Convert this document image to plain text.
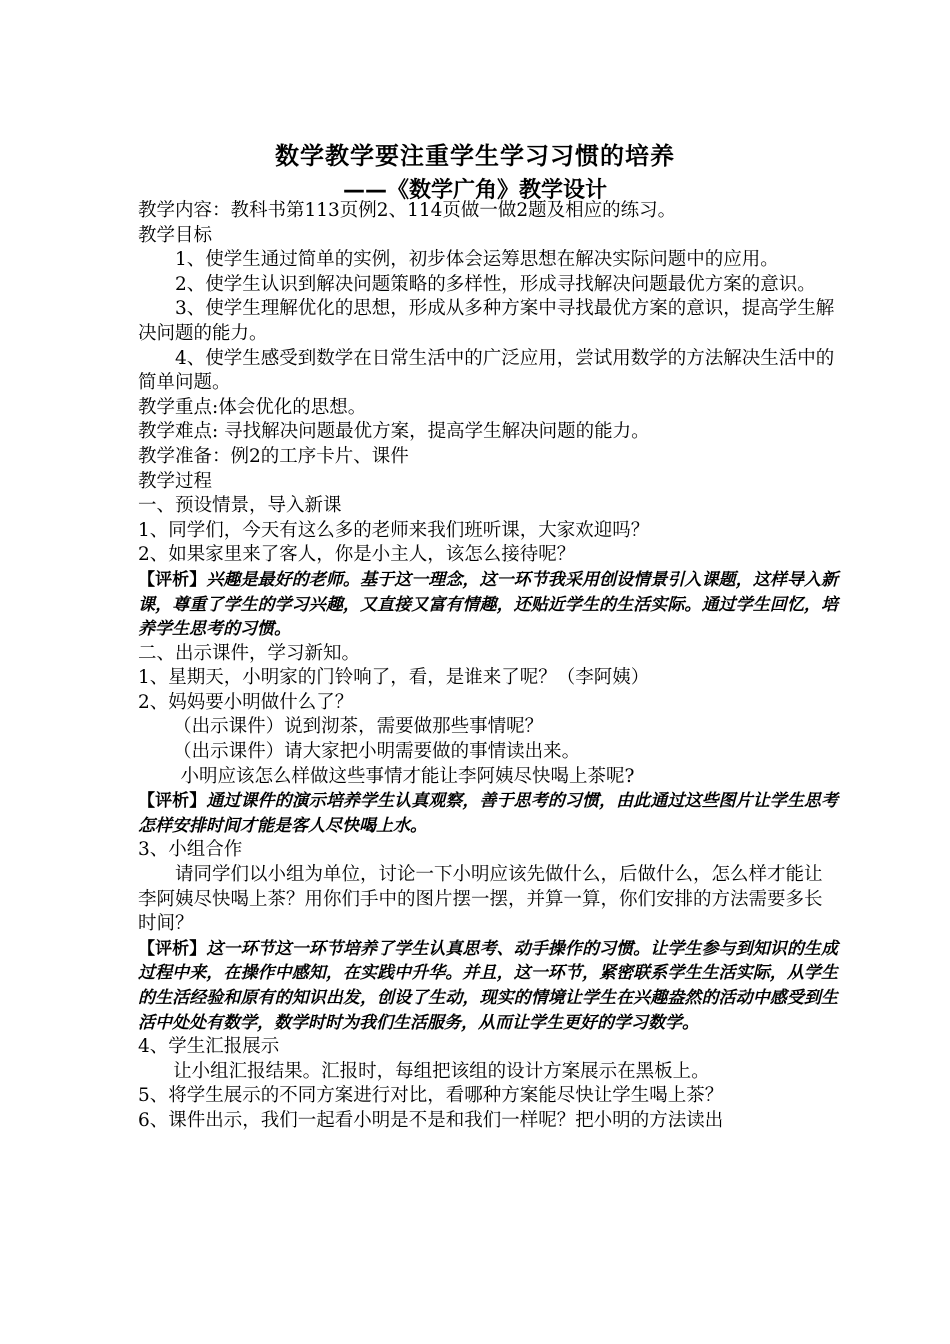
数学教学要注重学生学习习惯的培养
——《数学广角》教学设计

教学内容：教科书第113页例2、114页做一做2题及相应的练习。

教学目标

1、使学生通过简单的实例，初步体会运筹思想在解决实际问题中的应用。

2、使学生认识到解决问题策略的多样性，形成寻找解决问题最优方案的意识。

3、使学生理解优化的思想，形成从多种方案中寻找最优方案的意识，提高学生解决问题的能力。

4、使学生感受到数学在日常生活中的广泛应用，尝试用数学的方法解决生活中的简单问题。

教学重点:体会优化的思想。

教学难点: 寻找解决问题最优方案，提高学生解决问题的能力。

教学准备：例2的工序卡片、课件

教学过程

一、预设情景，导入新课

1、同学们，今天有这么多的老师来我们班听课，大家欢迎吗？

2、如果家里来了客人，你是小主人，该怎么接待呢？

【评析】兴趣是最好的老师。基于这一理念，这一环节我采用创设情景引入课题，这样导入新课，尊重了学生的学习兴趣，又直接又富有情趣，还贴近学生的生活实际。通过学生回忆，培养学生思考的习惯。

二、出示课件，学习新知。

1、星期天，小明家的门铃响了，看，是谁来了呢？（李阿姨）

2、妈妈要小明做什么了？

（出示课件）说到沏茶，需要做那些事情呢？

（出示课件）请大家把小明需要做的事情读出来。

小明应该怎么样做这些事情才能让李阿姨尽快喝上茶呢?

【评析】通过课件的演示培养学生认真观察，善于思考的习惯，由此通过这些图片让学生思考怎样安排时间才能是客人尽快喝上水。

3、小组合作

请同学们以小组为单位，讨论一下小明应该先做什么，后做什么，怎么样才能让李阿姨尽快喝上茶？用你们手中的图片摆一摆，并算一算，你们安排的方法需要多长时间？

【评析】这一环节这一环节培养了学生认真思考、动手操作的习惯。让学生参与到知识的生成过程中来，在操作中感知，在实践中升华。并且，这一环节，紧密联系学生生活实际，从学生的生活经验和原有的知识出发，创设了生动，现实的情境让学生在兴趣盎然的活动中感受到生活中处处有数学，数学时时为我们生活服务，从而让学生更好的学习数学。

4、学生汇报展示

让小组汇报结果。汇报时，每组把该组的设计方案展示在黑板上。

5、将学生展示的不同方案进行对比，看哪种方案能尽快让学生喝上茶？

6、课件出示，我们一起看小明是不是和我们一样呢？把小明的方法读出
